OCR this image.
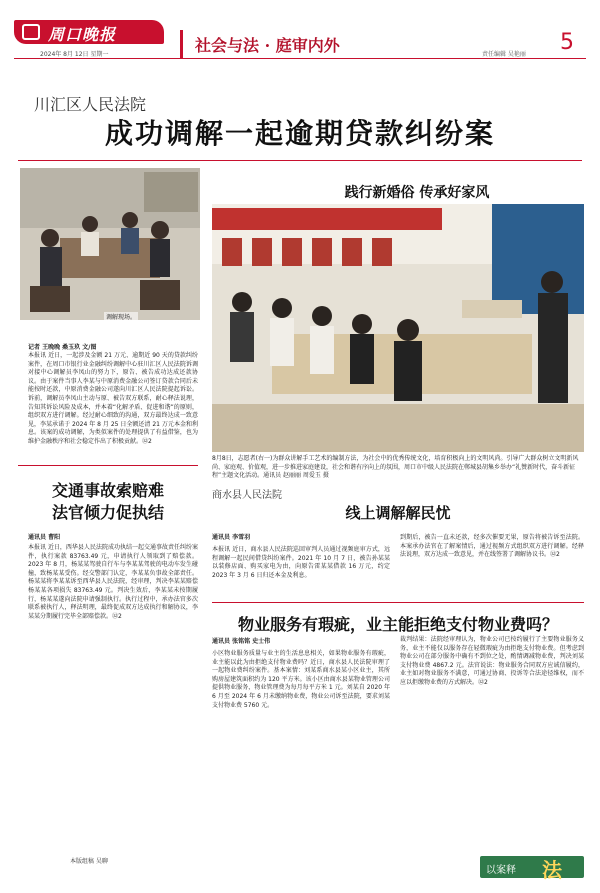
周口晚报
2024年 8月 12日 星期一	社会与法 · 庭审内外	责任编辑 吴艳丽	5
川汇区人民法院
成功调解一起逾期贷款纠纷案
调解现场。
记者 王晚晚 桑玉玖 文/图
本报讯 近日，一起涉及金额 21 万元、逾期近 90 天的贷款纠纷案件，在周口市银行业金融纠纷调解中心驻川汇区人民法院诉调对接中心调解员李凤山的努力下，原告、被告成功达成还款协议。由于案件当事人李某与中原消费金融公司签订贷款合同后未能按时还款，中原消费金融公司遂向川汇区人民法院提起诉讼。诉前，调解员李凤山主动与原、被告双方联系，耐心释法说理，告知其诉讼风险及成本，并本着“化解矛盾、促进和谐”的原则，组织双方进行调解。经过耐心细致的沟通，双方最终达成一致意见，李某承诺于 2024 年 8 月 25 日全额还清 21 万元本金和利息。该案的成功调解，为类似案件的处理提供了有益借鉴，也为维护金融秩序和社会稳定作出了积极贡献。㉜2
践行新婚俗 传承好家风
8月8日，志愿者(右一)为群众讲解手工艺术的编制方法，为社会中的优秀传统文化，培育积极向上的文明风尚。引导广大群众树立文明新风尚、家庭观、价值观，进一步推进家庭建设，社会和谐有序向上的氛围，周口市中级人民法院在郸城县胡集乡举办“礼赞新时代，奋斗新征程”主题文化活动。通讯员 赵丽丽 周爱玉 摄
交通事故索赔难
法官倾力促执结
通讯员 曹阳
本报讯 近日，西华县人民法院成功执结一起交通事故责任纠纷案件，执行案款 83763.49 元，申请执行人领取到了赔偿款。2023 年 8 月，杨某某驾驶自行车与李某某驾驶的电动车发生碰撞，致杨某某受伤。经交警部门认定，李某某负事故全部责任。杨某某将李某某诉至西华县人民法院，经审理，判决李某某赔偿杨某某各项损失 83763.49 元。判决生效后，李某某未按期履行，杨某某遂向法院申请强制执行。执行过程中，承办法官多次联系被执行人，释法明理，最终促成双方达成执行和解协议，李某某分期履行完毕全部赔偿款。㉜2
本版组稿 吴聊
商水县人民法院
线上调解解民忧
通讯员 李雪羽
本报讯 近日，商水县人民法院巡回审判人员通过视频庭审方式，远程调解一起民间借贷纠纷案件。2021 年 10 月 7 日，被告孙某某以装修店面、购买家电为由，向原告雷某某借款 16 万元，约定 2023 年 3 月 6 日归还本金及利息。
到期后，被告一直未还款，经多次催要无果，原告将被告诉至法院。本案承办法官在了解案情后，通过视频方式组织双方进行调解。经释法说理，双方达成一致意见，并在线签署了调解协议书。㉜2
物业服务有瑕疵，业主能拒绝支付物业费吗？
通讯员 张铭铭 史士伟
小区物业服务质量与业主的生活息息相关，如果物业服务有瑕疵，业主能以此为由拒绝支付物业费吗？近日，商水县人民法院审理了一起物业费纠纷案件。基本案情：刘某系商水县某小区业主，其所购房屋建筑面积约为 120 平方米。该小区由商水县某物业管理公司提供物业服务，物业管理费为每月每平方米 1 元。刘某自 2020 年 6 月至 2024 年 6 月未缴纳物业费，物业公司诉至法院，要求刘某支付物业费 5760 元。
裁判结果：法院经审理认为，物业公司已按约履行了主要物业服务义务，业主不能仅以服务存在轻微瑕疵为由拒绝支付物业费。但考虑到物业公司在部分服务中确有不到位之处，酌情调减物业费，判决刘某支付物业费 4867.2 元。法官说法：物业服务合同双方应诚信履约，业主如对物业服务不满意，可通过协商、投诉等合法途径维权，而不应以拒缴物业费的方式解决。㉜2
以案释 法
